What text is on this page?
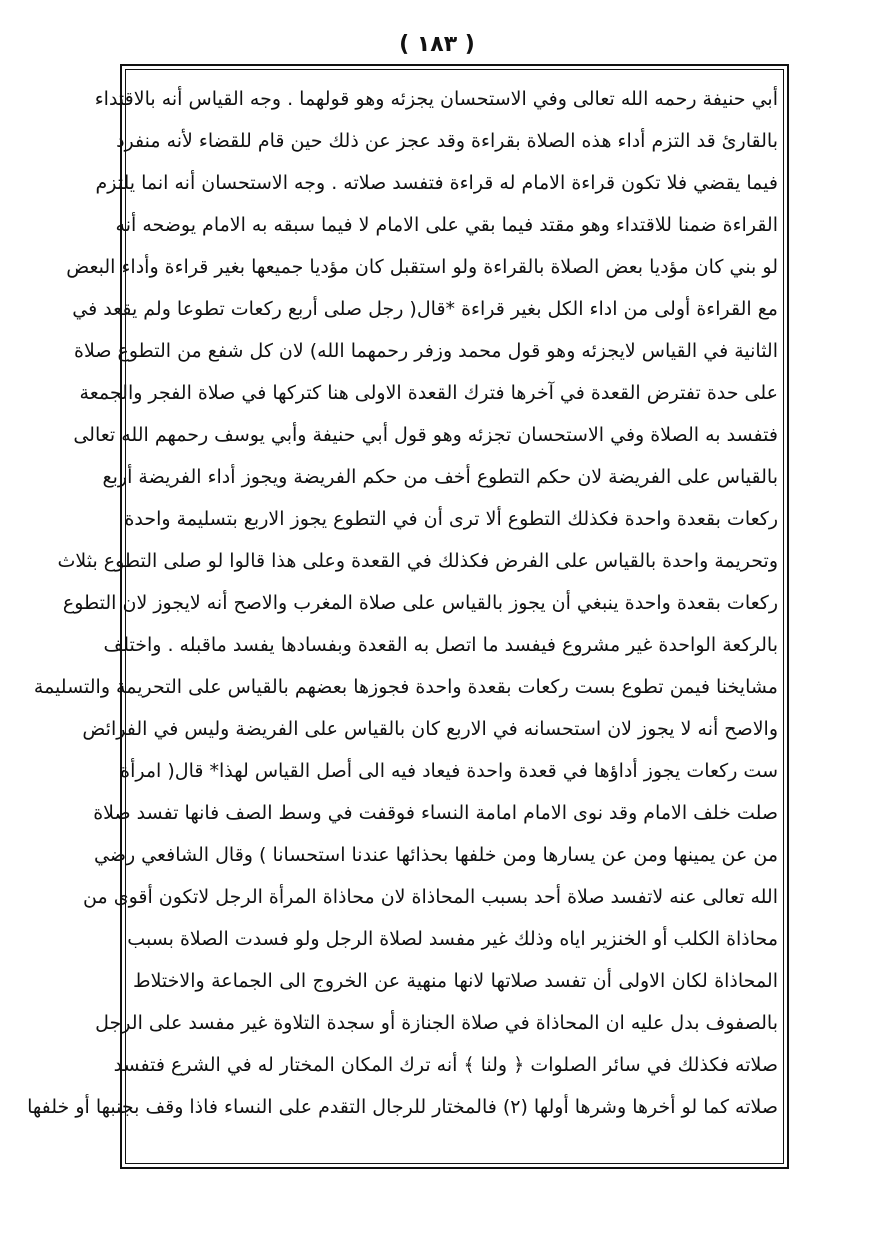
( ١٨٣ )
أبي حنيفة رحمه الله تعالى وفي الاستحسان يجزئه وهو قولهما . وجه القياس أنه بالاقتداء
بالقارئ قد التزم أداء هذه الصلاة بقراءة وقد عجز عن ذلك حين قام للقضاء لأنه منفرد
فيما يقضي فلا تكون قراءة الامام له قراءة فتفسد صلاته . وجه الاستحسان أنه انما يلتزم
القراءة ضمنا للاقتداء وهو مقتد فيما بقي على الامام لا فيما سبقه به الامام يوضحه أنه
لو بني كان مؤديا بعض الصلاة بالقراءة ولو استقبل كان مؤديا جميعها بغير قراءة وأداء البعض
مع القراءة أولى من اداء الكل بغير قراءة *قال( رجل صلى أربع ركعات تطوعا ولم يقعد في
الثانية في القياس لايجزئه وهو قول محمد وزفر رحمهما الله) لان كل شفع من التطوع صلاة
على حدة تفترض القعدة في آخرها فترك القعدة الاولى هنا كتركها في صلاة الفجر والجمعة
فتفسد به الصلاة وفي الاستحسان تجزئه وهو قول أبي حنيفة وأبي يوسف رحمهم الله تعالى
بالقياس على الفريضة لان حكم التطوع أخف من حكم الفريضة ويجوز أداء الفريضة أربع
ركعات بقعدة واحدة فكذلك التطوع ألا ترى أن في التطوع يجوز الاربع بتسليمة واحدة
وتحريمة واحدة بالقياس على الفرض فكذلك في القعدة وعلى هذا قالوا لو صلى التطوع بثلاث
ركعات بقعدة واحدة ينبغي أن يجوز بالقياس على صلاة المغرب والاصح أنه لايجوز لان التطوع
بالركعة الواحدة غير مشروع فيفسد ما اتصل به القعدة وبفسادها يفسد ماقبله . واختلف
مشايخنا فيمن تطوع بست ركعات بقعدة واحدة فجوزها بعضهم بالقياس على التحريمة والتسليمة
والاصح أنه لا يجوز لان استحسانه في الاربع كان بالقياس على الفريضة وليس في الفرائض
ست ركعات يجوز أداؤها في قعدة واحدة فيعاد فيه الى أصل القياس لهذا* قال( امرأة
صلت خلف الامام وقد نوى الامام امامة النساء فوقفت في وسط الصف فانها تفسد صلاة
من عن يمينها ومن عن يسارها ومن خلفها بحذائها عندنا استحسانا ) وقال الشافعي رضي
الله تعالى عنه لاتفسد صلاة أحد بسبب المحاذاة لان محاذاة المرأة الرجل لاتكون أقوى من
محاذاة الكلب أو الخنزير اياه وذلك غير مفسد لصلاة الرجل ولو فسدت الصلاة بسبب
المحاذاة لكان الاولى أن تفسد صلاتها لانها منهية عن الخروج الى الجماعة والاختلاط
بالصفوف بدل عليه ان المحاذاة في صلاة الجنازة أو سجدة التلاوة غير مفسد على الرجل
صلاته فكذلك في سائر الصلوات ﴿ ولنا ﴾ أنه ترك المكان المختار له في الشرع فتفسد
صلاته كما لو أخرها وشرها أولها (٢) فالمختار للرجال التقدم على النساء فاذا وقف بجنبها أو خلفها
